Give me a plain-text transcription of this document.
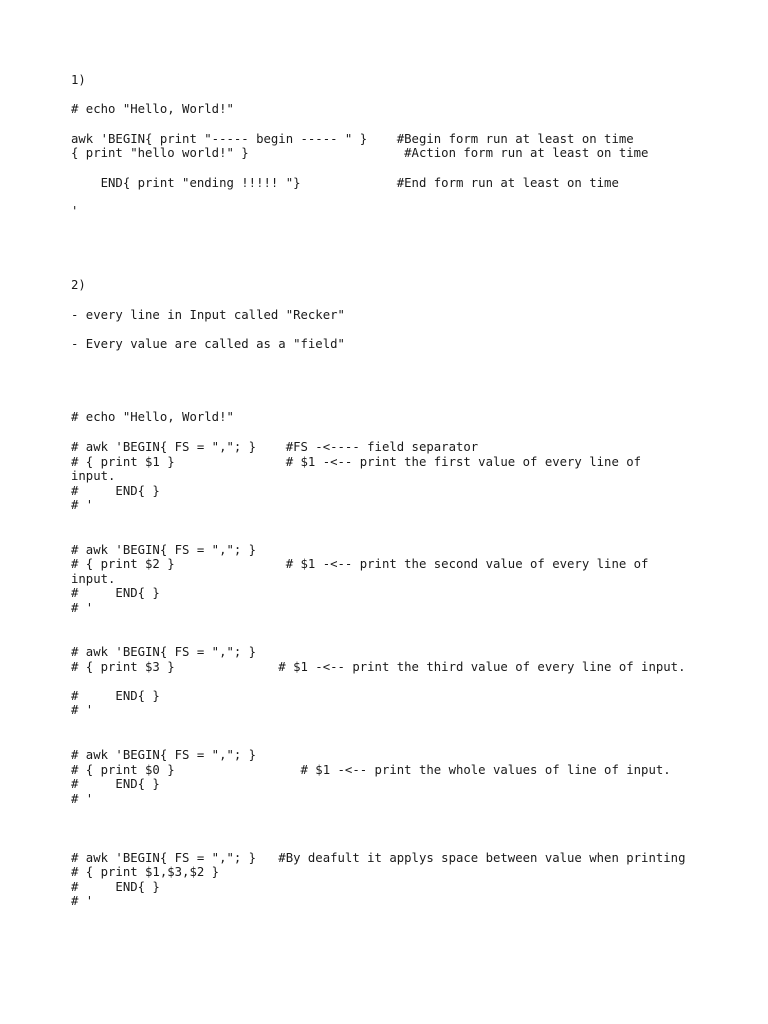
1)

# echo "Hello, World!"

awk 'BEGIN{ print "----- begin ----- " }    #Begin form run at least on time

{ print "hello world!" }                     #Action form run at least on time

END{ print "ending !!!!! "}             #End form run at least on time

'

2)

- every line in Input called "Recker"

- Every value are called as a "field"

# echo "Hello, World!"

# awk 'BEGIN{ FS = ","; }    #FS -<---- field separator

# { print $1 }               # $1 -<-- print the first value of every line of

input.

#     END{ }

# '

# awk 'BEGIN{ FS = ","; }

# { print $2 }               # $1 -<-- print the second value of every line of

input.

#     END{ }

# '

# awk 'BEGIN{ FS = ","; }

# { print $3 }              # $1 -<-- print the third value of every line of input.

#     END{ }

# '

# awk 'BEGIN{ FS = ","; }

# { print $0 }                 # $1 -<-- print the whole values of line of input.

#     END{ }

# '

# awk 'BEGIN{ FS = ","; }   #By deafult it applys space between value when printing

# { print $1,$3,$2 }

#     END{ }

# '
